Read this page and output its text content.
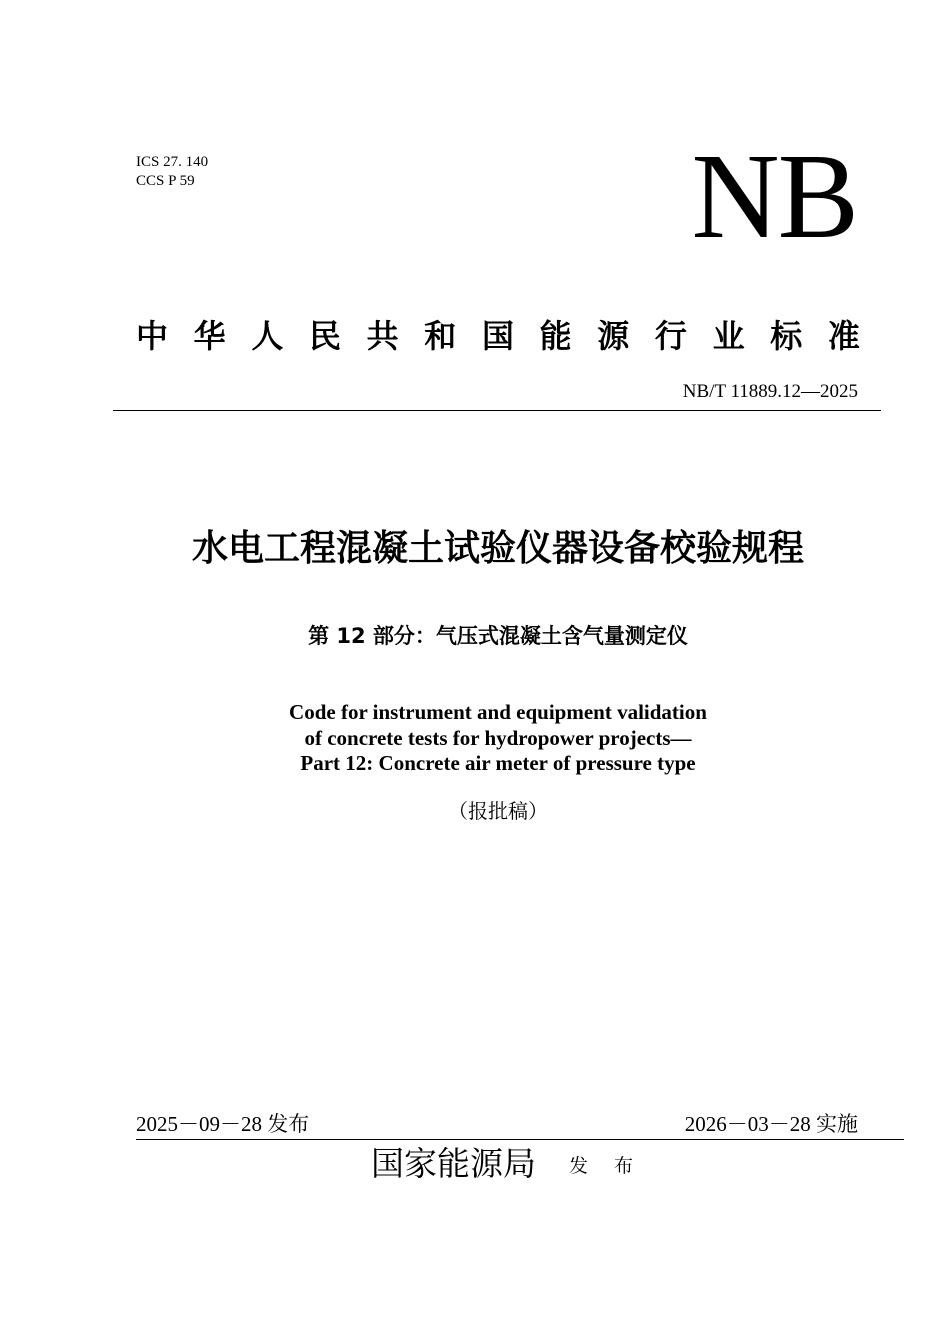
ICS 27. 140
CCS P 59	NB
中 华 人 民 共 和 国 能 源 行 业 标 准
NB/T 11889.12—2025
水电工程混凝土试验仪器设备校验规程
第 12 部分：气压式混凝土含气量测定仪
Code for instrument and equipment validation
of concrete tests for hydropower projects—
Part 12: Concrete air meter of pressure type
（报批稿）
2025－09－28 发布	2026－03－28 实施
国家能源局 发 布
